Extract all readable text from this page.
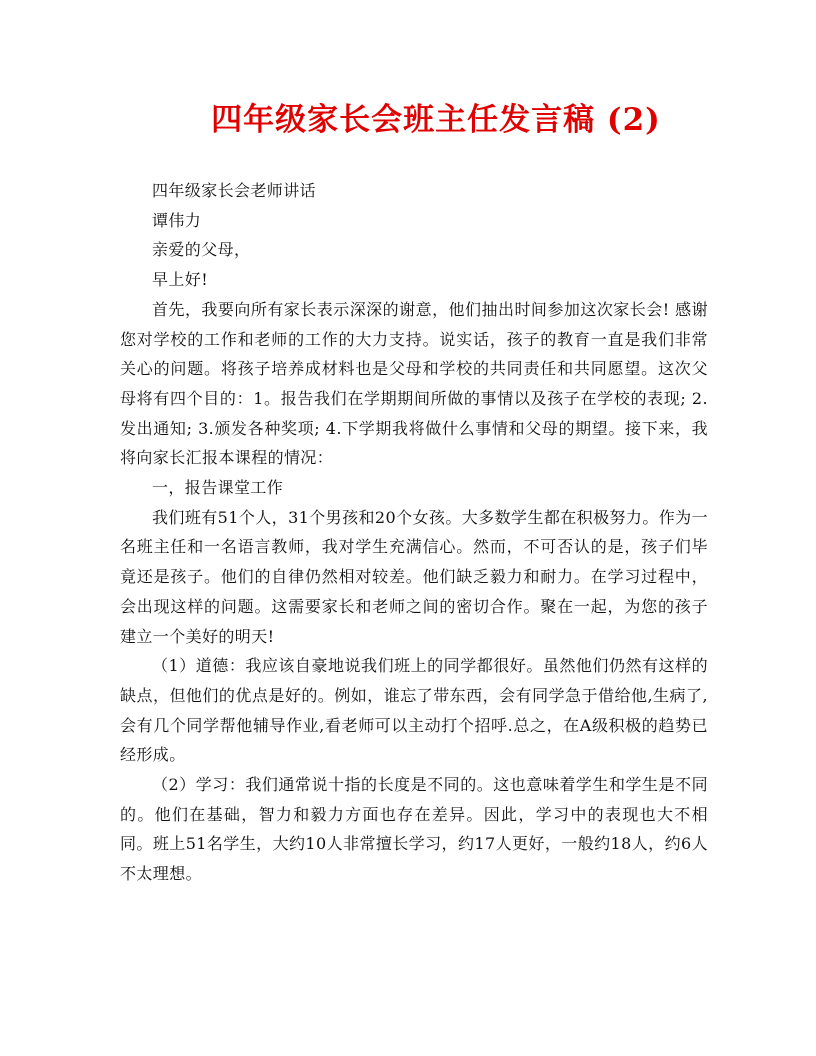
四年级家长会班主任发言稿 (2)

四年级家长会老师讲话

谭伟力

亲爱的父母，

早上好!

首先，我要向所有家长表示深深的谢意，他们抽出时间参加这次家长会! 感谢您对学校的工作和老师的工作的大力支持。说实话，孩子的教育一直是我们非常关心的问题。将孩子培养成材料也是父母和学校的共同责任和共同愿望。这次父母将有四个目的：1。报告我们在学期期间所做的事情以及孩子在学校的表现; 2.发出通知; 3.颁发各种奖项; 4.下学期我将做什么事情和父母的期望。接下来，我将向家长汇报本课程的情况：

一，报告课堂工作

我们班有51个人，31个男孩和20个女孩。大多数学生都在积极努力。作为一名班主任和一名语言教师，我对学生充满信心。然而，不可否认的是，孩子们毕竟还是孩子。他们的自律仍然相对较差。他们缺乏毅力和耐力。在学习过程中，会出现这样的问题。这需要家长和老师之间的密切合作。聚在一起，为您的孩子建立一个美好的明天!

（1）道德：我应该自豪地说我们班上的同学都很好。虽然他们仍然有这样的缺点，但他们的优点是好的。例如，谁忘了带东西，会有同学急于借给他,生病了,会有几个同学帮他辅导作业,看老师可以主动打个招呼.总之，在A级积极的趋势已经形成。

（2）学习：我们通常说十指的长度是不同的。这也意味着学生和学生是不同的。他们在基础，智力和毅力方面也存在差异。因此，学习中的表现也大不相同。班上51名学生，大约10人非常擅长学习，约17人更好，一般约18人，约6人不太理想。
